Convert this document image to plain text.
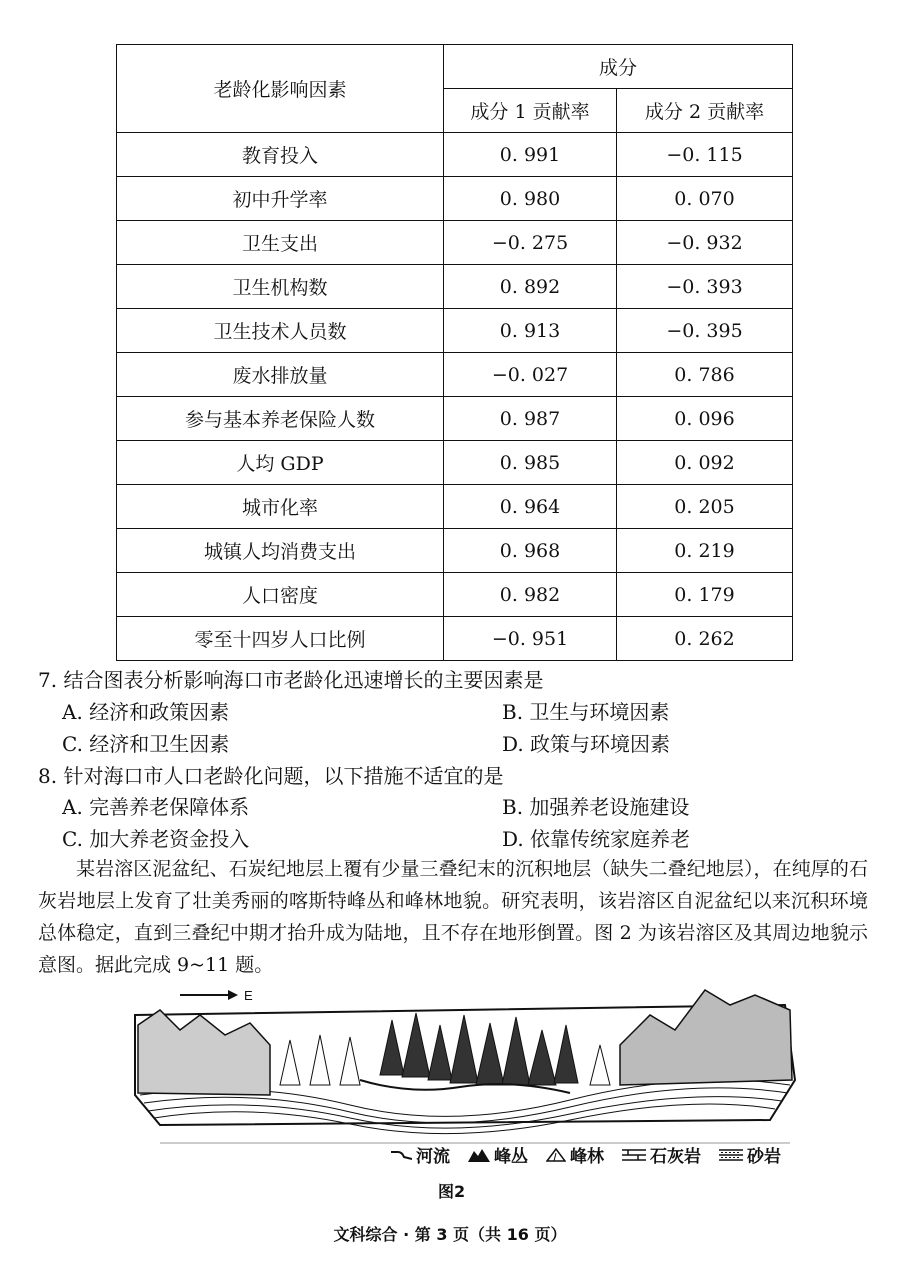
老龄化影响因素	成分	
	成分 1 贡献率	成分 2 贡献率
教育投入	0. 991	−0. 115
初中升学率	0. 980	0. 070
卫生支出	−0. 275	−0. 932
卫生机构数	0. 892	−0. 393
卫生技术人员数	0. 913	−0. 395
废水排放量	−0. 027	0. 786
参与基本养老保险人数	0. 987	0. 096
人均 GDP	0. 985	0. 092
城市化率	0. 964	0. 205
城镇人均消费支出	0. 968	0. 219
人口密度	0. 982	0. 179
零至十四岁人口比例	−0. 951	0. 262
7. 结合图表分析影响海口市老龄化迅速增长的主要因素是
A. 经济和政策因素	B. 卫生与环境因素
C. 经济和卫生因素	D. 政策与环境因素
8. 针对海口市人口老龄化问题，以下措施不适宜的是
A. 完善养老保障体系	B. 加强养老设施建设
C. 加大养老资金投入	D. 依靠传统家庭养老

某岩溶区泥盆纪、石炭纪地层上覆有少量三叠纪末的沉积地层（缺失二叠纪地层），在纯厚的石灰岩地层上发育了壮美秀丽的喀斯特峰丛和峰林地貌。研究表明，该岩溶区自泥盆纪以来沉积环境总体稳定，直到三叠纪中期才抬升成为陆地，且不存在地形倒置。图 2 为该岩溶区及其周边地貌示意图。据此完成 9~11 题。

E
河流	峰丛 峰林	石灰岩	砂岩
图2
文科综合 · 第 3 页（共 16 页）
